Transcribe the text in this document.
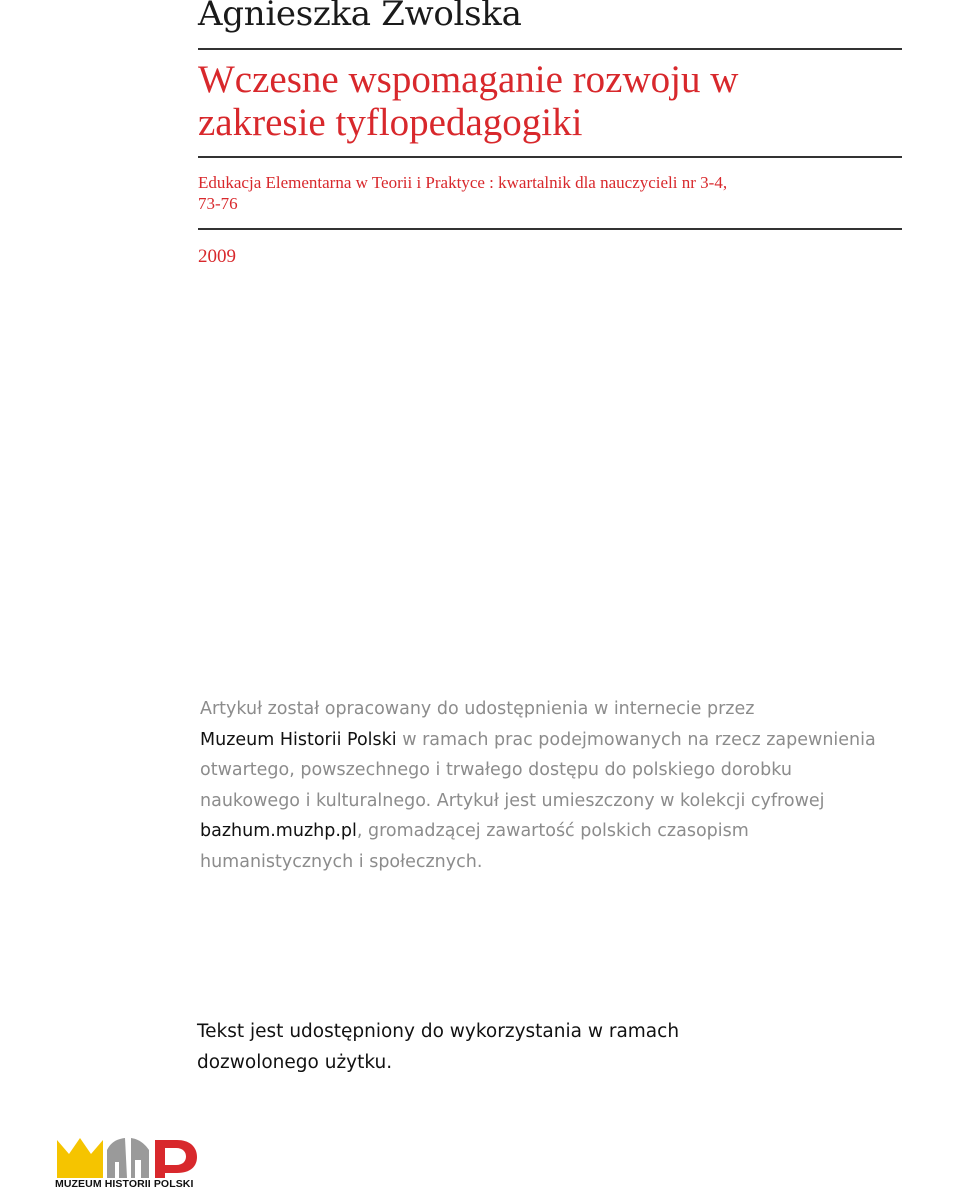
Agnieszka Zwolska
Wczesne wspomaganie rozwoju w
zakresie tyflopedagogiki
Edukacja Elementarna w Teorii i Praktyce : kwartalnik dla nauczycieli nr 3-4,
73-76
2009

Artykuł został opracowany do udostępnienia w internecie przez
Muzeum Historii Polski w ramach prac podejmowanych na rzecz zapewnienia otwartego, powszechnego i trwałego dostępu do polskiego dorobku naukowego i kulturalnego. Artykuł jest umieszczony w kolekcji cyfrowej bazhum.muzhp.pl, gromadzącej zawartość polskich czasopism humanistycznych i społecznych.

Tekst jest udostępniony do wykorzystania w ramach
dozwolonego użytku.

MUZEUM HISTORII POLSKI
